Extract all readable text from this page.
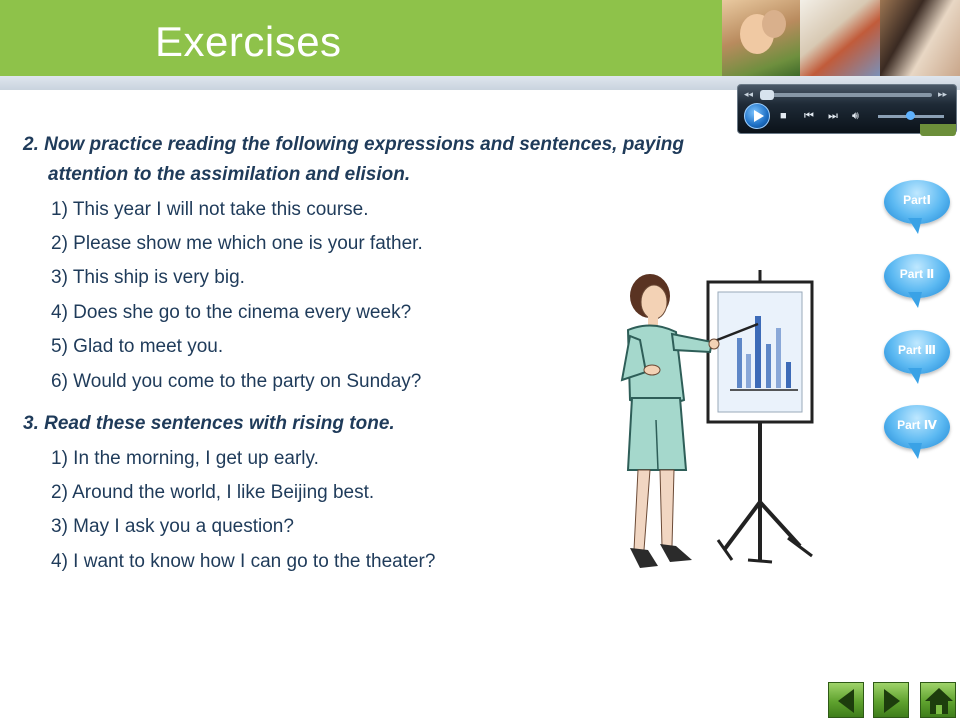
Exercises
◂◂	▸▸
■ ⏮ ⏭ 🔊︎
2. Now practice reading the following expressions and sentences, paying
attention to the assimilation and elision.
1) This year I will not take this course.
2) Please show me which one is your father.
3) This ship is very big.
4) Does she go to the cinema every week?
5) Glad to meet you.
6) Would you come to the party on Sunday?
3. Read these sentences with rising tone.
1) In the morning, I get up early.
2) Around the world, I like Beijing best.
3) May I ask you a question?
4) I want to know how I can go to the theater?
PartⅠ
Part Ⅱ
Part Ⅲ
Part Ⅳ
